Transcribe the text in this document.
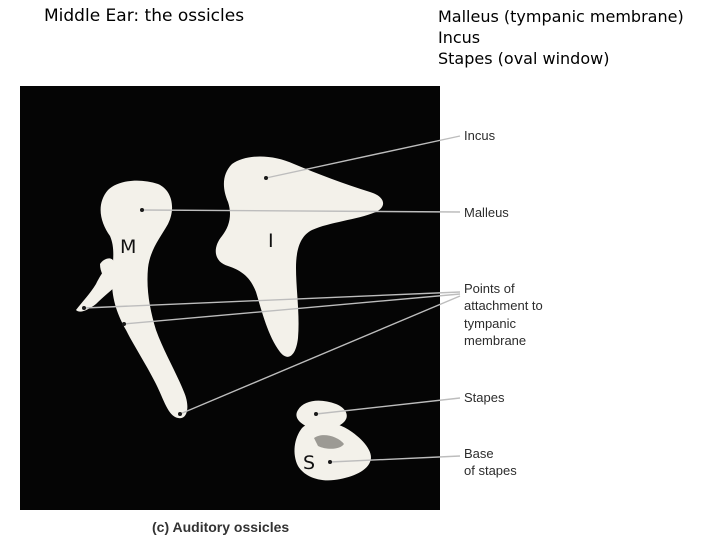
Middle Ear: the ossicles	Malleus (tympanic membrane)
Incus
Stapes (oval window)
M	I
S
Incus
Malleus
Points of
attachment to
tympanic
membrane
Stapes
Base
of stapes
(c) Auditory ossicles
